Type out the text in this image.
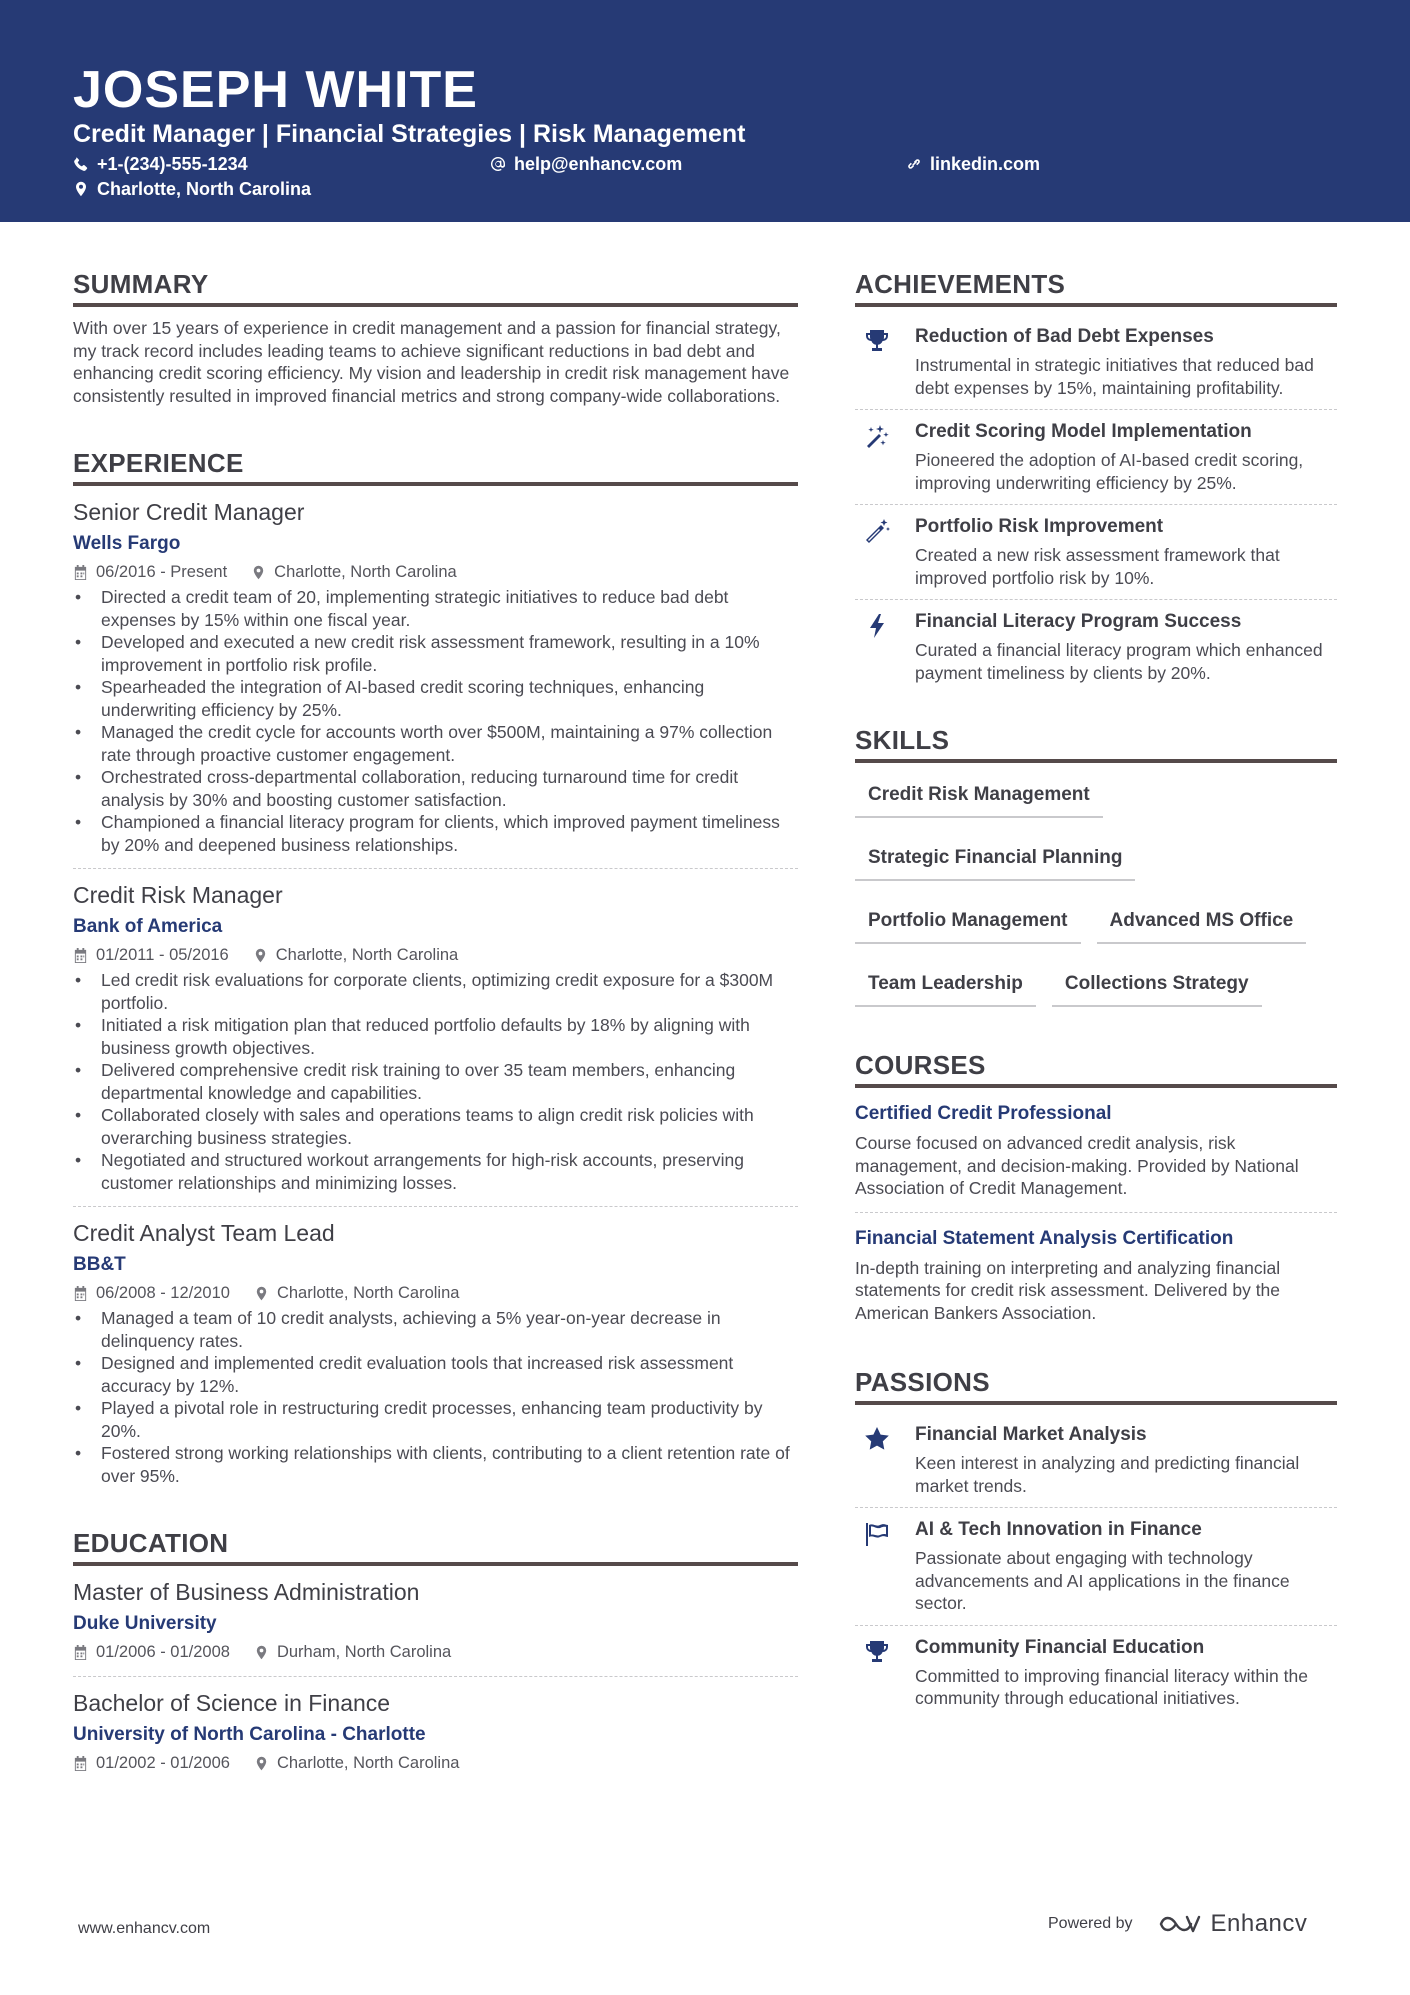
JOSEPH WHITE
Credit Manager | Financial Strategies | Risk Management
+1-(234)-555-1234	help@enhancv.com	linkedin.com
Charlotte, North Carolina
SUMMARY

With over 15 years of experience in credit management and a passion for financial strategy, my track record includes leading teams to achieve significant reductions in bad debt and enhancing credit scoring efficiency. My vision and leadership in credit risk management have consistently resulted in improved financial metrics and strong company-wide collaborations.

EXPERIENCE
Senior Credit Manager
Wells Fargo
06/2016 - Present	Charlotte, North Carolina
• Directed a credit team of 20, implementing strategic initiatives to reduce bad debt expenses by 15% within one fiscal year.
• Developed and executed a new credit risk assessment framework, resulting in a 10% improvement in portfolio risk profile.
• Spearheaded the integration of AI-based credit scoring techniques, enhancing underwriting efficiency by 25%.
• Managed the credit cycle for accounts worth over $500M, maintaining a 97% collection rate through proactive customer engagement.
• Orchestrated cross-departmental collaboration, reducing turnaround time for credit analysis by 30% and boosting customer satisfaction.
• Championed a financial literacy program for clients, which improved payment timeliness by 20% and deepened business relationships.
Credit Risk Manager
Bank of America
01/2011 - 05/2016	Charlotte, North Carolina
• Led credit risk evaluations for corporate clients, optimizing credit exposure for a $300M portfolio.
• Initiated a risk mitigation plan that reduced portfolio defaults by 18% by aligning with business growth objectives.
• Delivered comprehensive credit risk training to over 35 team members, enhancing departmental knowledge and capabilities.
• Collaborated closely with sales and operations teams to align credit risk policies with overarching business strategies.
• Negotiated and structured workout arrangements for high-risk accounts, preserving customer relationships and minimizing losses.
Credit Analyst Team Lead
BB&T
06/2008 - 12/2010	Charlotte, North Carolina
• Managed a team of 10 credit analysts, achieving a 5% year-on-year decrease in delinquency rates.
• Designed and implemented credit evaluation tools that increased risk assessment accuracy by 12%.
• Played a pivotal role in restructuring credit processes, enhancing team productivity by 20%.
• Fostered strong working relationships with clients, contributing to a client retention rate of over 95%.
EDUCATION
Master of Business Administration
Duke University
01/2006 - 01/2008	Durham, North Carolina
Bachelor of Science in Finance
University of North Carolina - Charlotte
01/2002 - 01/2006	Charlotte, North Carolina
ACHIEVEMENTS
Reduction of Bad Debt Expenses
Instrumental in strategic initiatives that reduced bad debt expenses by 15%, maintaining profitability.
Credit Scoring Model Implementation
Pioneered the adoption of AI-based credit scoring, improving underwriting efficiency by 25%.
Portfolio Risk Improvement
Created a new risk assessment framework that improved portfolio risk by 10%.
Financial Literacy Program Success
Curated a financial literacy program which enhanced payment timeliness by clients by 20%.
SKILLS
Credit Risk Management
Strategic Financial Planning
Portfolio Management	Advanced MS Office
Team Leadership	Collections Strategy
COURSES
Certified Credit Professional
Course focused on advanced credit analysis, risk management, and decision-making. Provided by National Association of Credit Management.
Financial Statement Analysis Certification
In-depth training on interpreting and analyzing financial statements for credit risk assessment. Delivered by the American Bankers Association.
PASSIONS
Financial Market Analysis
Keen interest in analyzing and predicting financial market trends.
AI & Tech Innovation in Finance
Passionate about engaging with technology advancements and AI applications in the finance sector.
Community Financial Education
Committed to improving financial literacy within the community through educational initiatives.
www.enhancv.com	Powered by	Enhancv
